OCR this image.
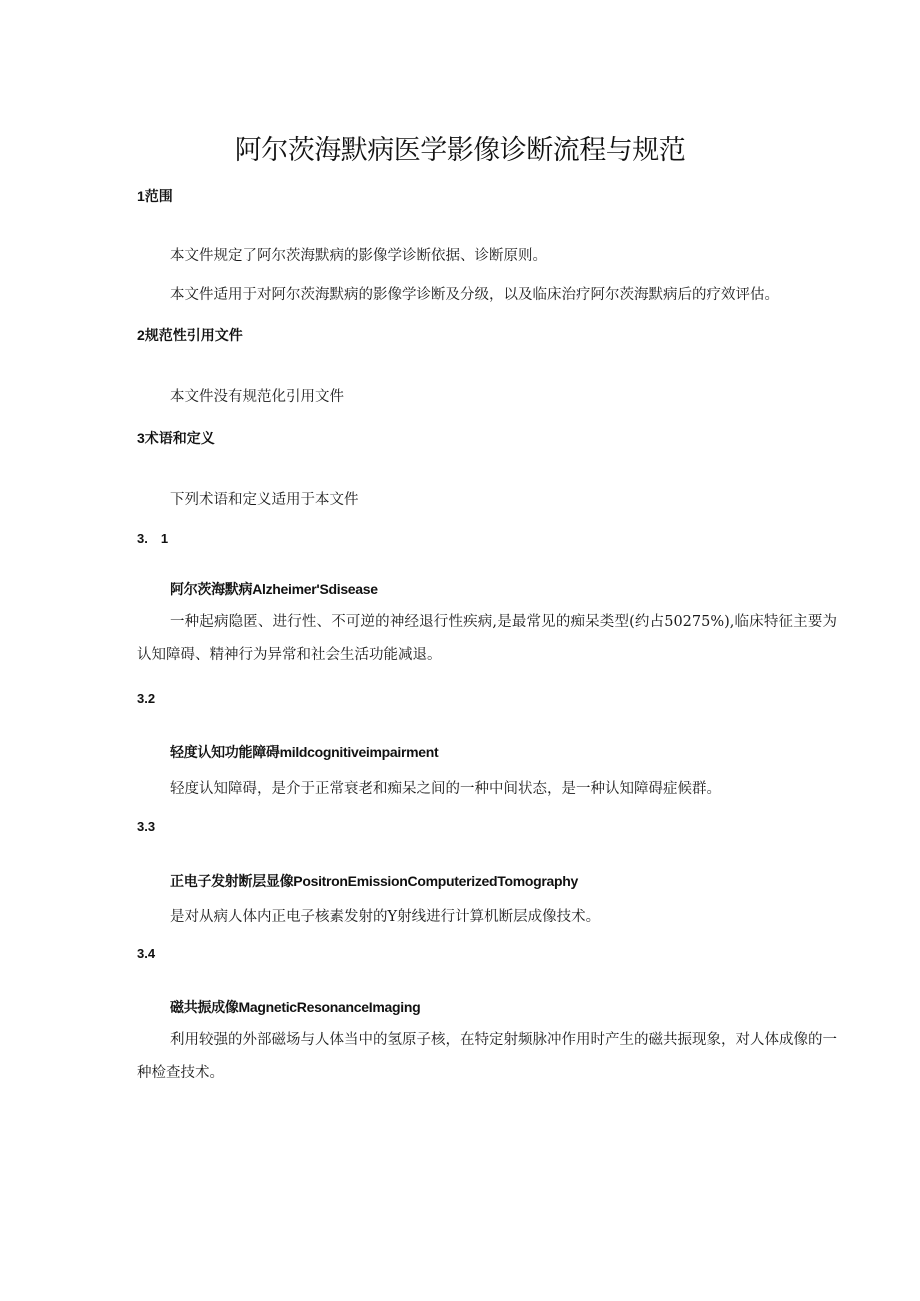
阿尔茨海默病医学影像诊断流程与规范
1范围
本文件规定了阿尔茨海默病的影像学诊断依据、诊断原则。
本文件适用于对阿尔茨海默病的影像学诊断及分级，以及临床治疗阿尔茨海默病后的疗效评估。
2规范性引用文件
本文件没有规范化引用文件
3术语和定义
下列术语和定义适用于本文件
3.　1
阿尔茨海默病Alzheimer'Sdisease
一种起病隐匿、进行性、不可逆的神经退行性疾病,是最常见的痴呆类型(约占50275%),临床特征主要为认知障碍、精神行为异常和社会生活功能减退。
3.2
轻度认知功能障碍mildcognitiveimpairment
轻度认知障碍，是介于正常衰老和痴呆之间的一种中间状态，是一种认知障碍症候群。
3.3
正电子发射断层显像PositronEmissionComputerizedTomography
是对从病人体内正电子核素发射的Y射线进行计算机断层成像技术。
3.4
磁共振成像MagneticResonanceImaging
利用较强的外部磁场与人体当中的氢原子核，在特定射频脉冲作用时产生的磁共振现象，对人体成像的一种检查技术。
